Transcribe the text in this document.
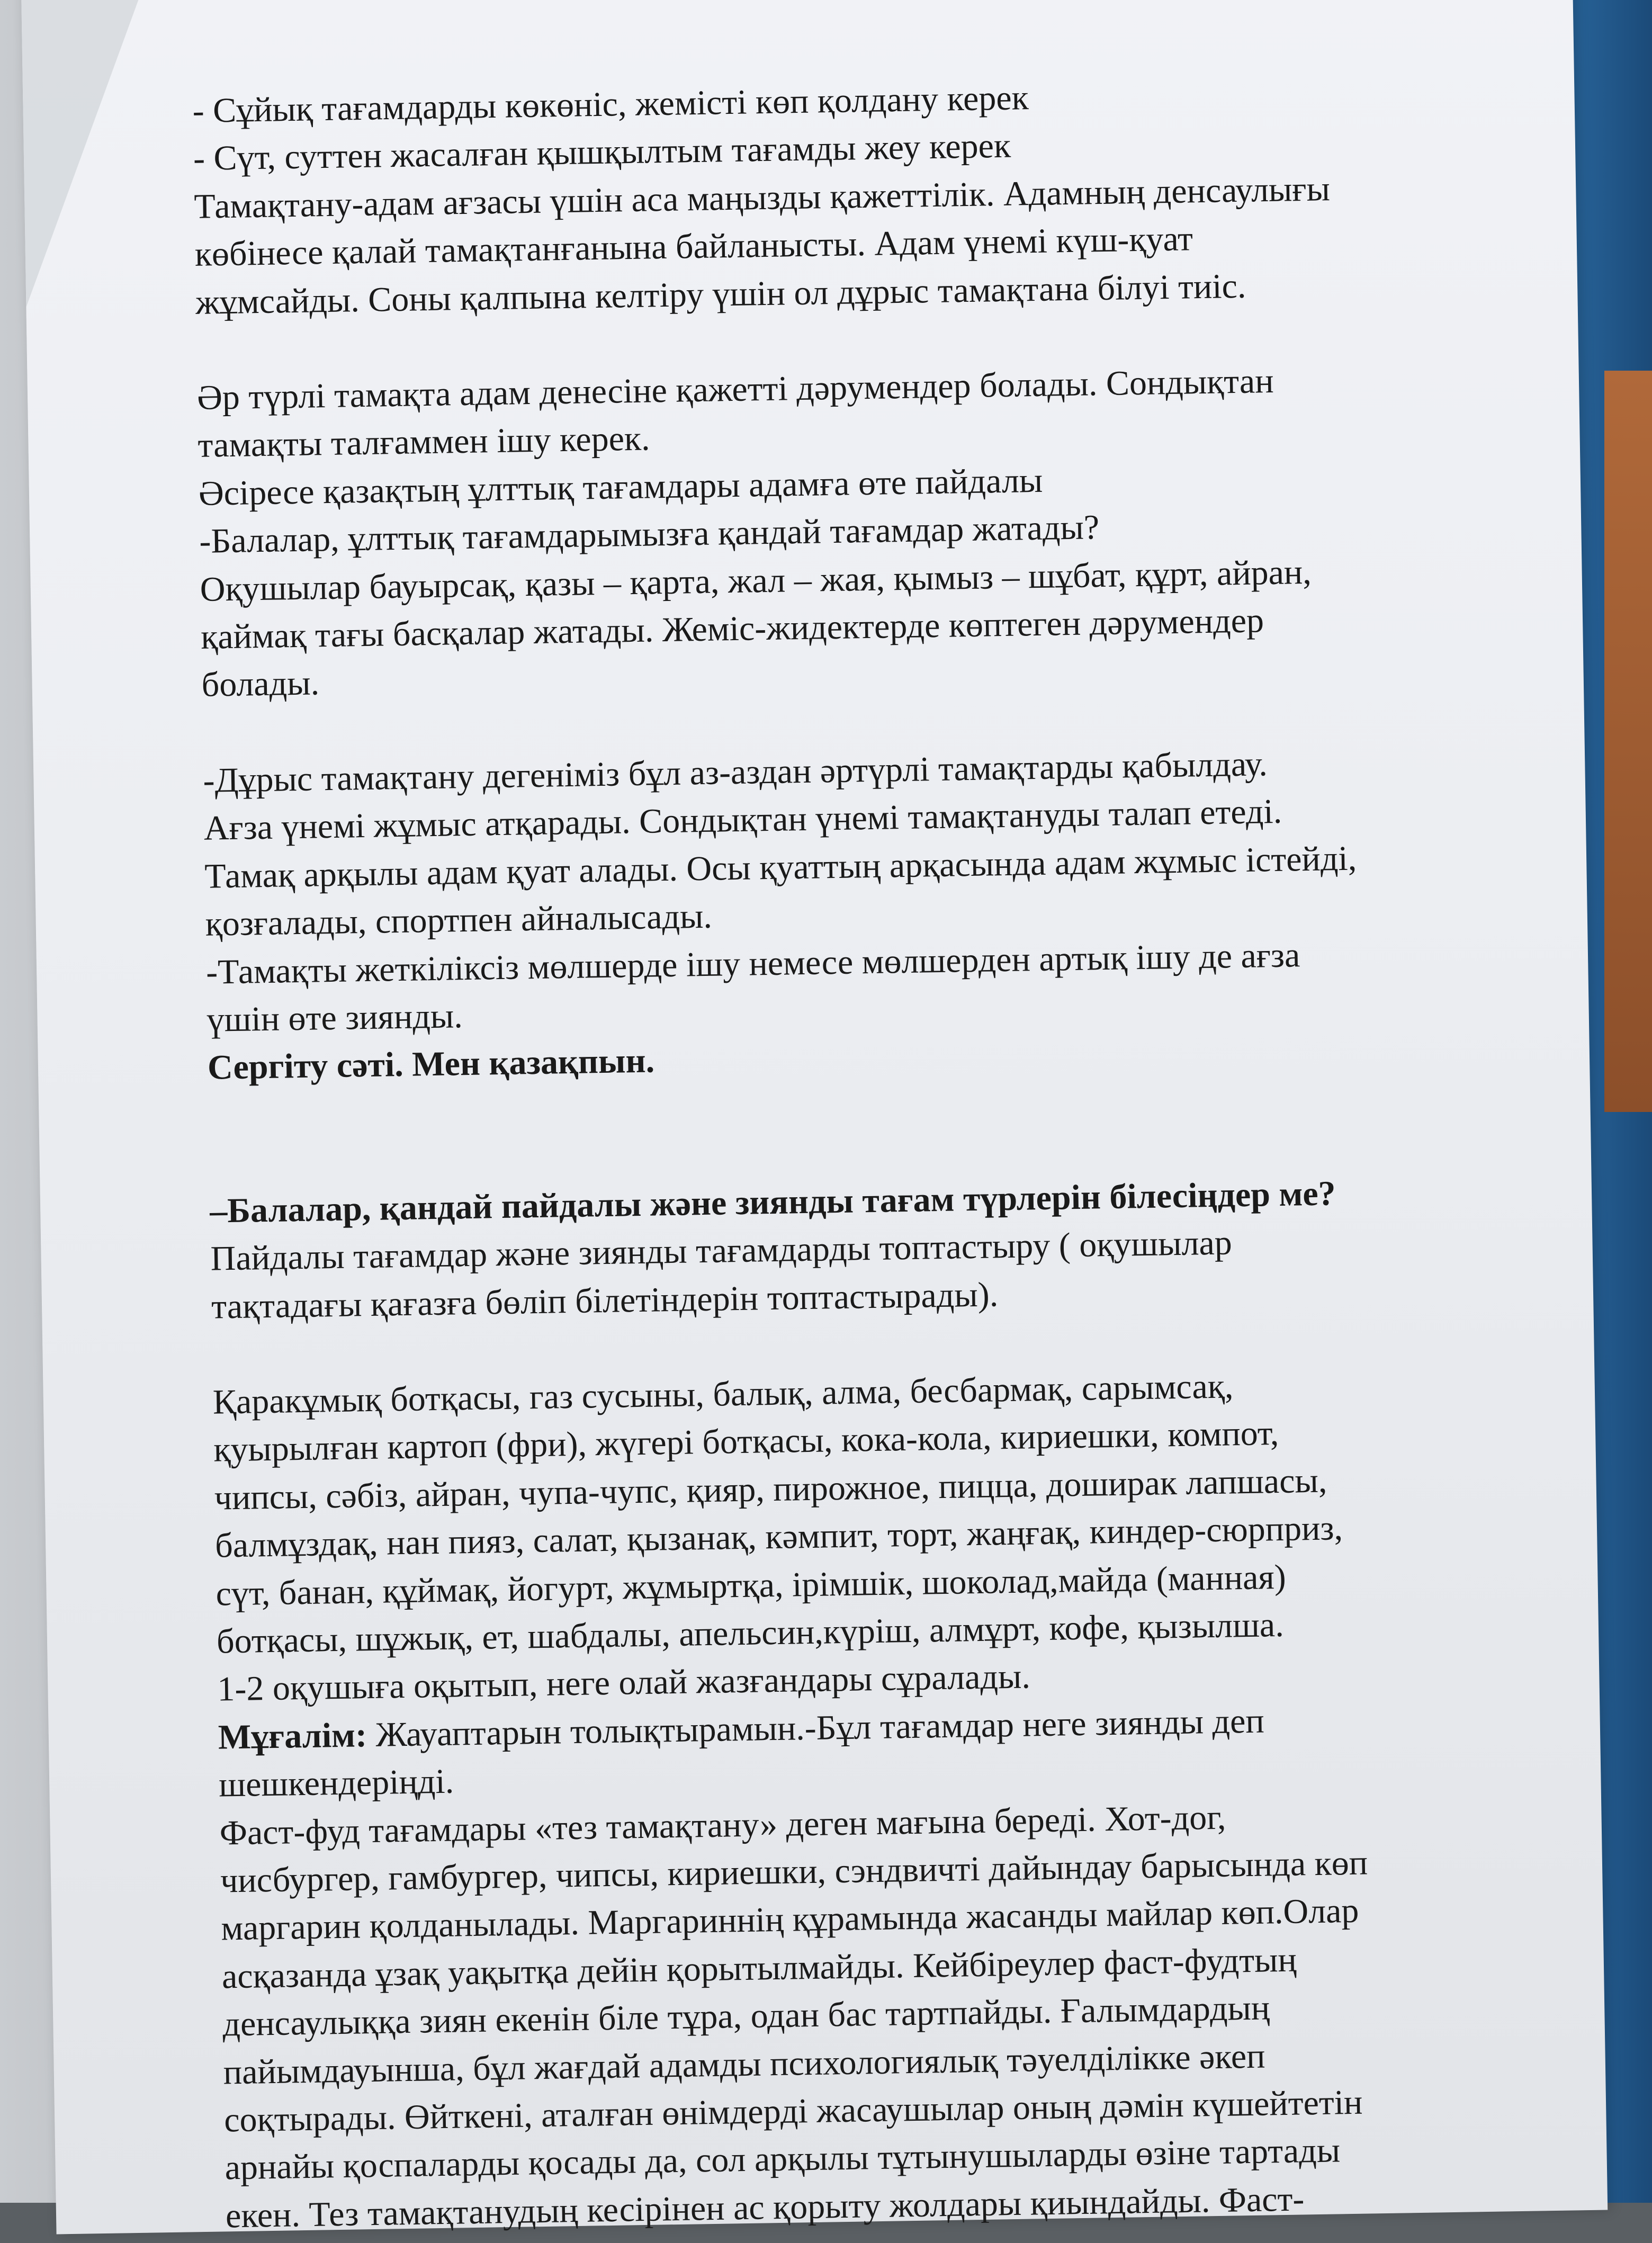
- Сұйық тағамдарды көкөніс, жемісті көп қолдану керек
- Сүт, суттен жасалған қышқылтым тағамды жеу керек
Тамақтану-адам ағзасы үшін аса маңызды қажеттілік. Адамның денсаулығы
көбінесе қалай тамақтанғанына байланысты. Адам үнемі күш-қуат
жұмсайды. Соны қалпына келтіру үшін ол дұрыс тамақтана білуі тиіс.
Әр түрлі тамақта адам денесіне қажетті дәрумендер болады. Сондықтан
тамақты талғаммен ішу керек.
Әсіресе қазақтың ұлттық тағамдары адамға өте пайдалы
-Балалар, ұлттық тағамдарымызға қандай тағамдар жатады?
Оқушылар бауырсақ, қазы – қарта, жал – жая, қымыз – шұбат, құрт, айран,
қаймақ тағы басқалар жатады. Жеміс-жидектерде көптеген дәрумендер
болады.
-Дұрыс тамақтану дегеніміз бұл аз-аздан әртүрлі тамақтарды қабылдау.
Ағза үнемі жұмыс атқарады. Сондықтан үнемі тамақтануды талап етеді.
Тамақ арқылы адам қуат алады. Осы қуаттың арқасында адам жұмыс істейді,
қозғалады, спортпен айналысады.
-Тамақты жеткіліксіз мөлшерде ішу немесе мөлшерден артық ішу де ағза
үшін өте зиянды.
Сергіту сәті. Мен қазақпын.
–Балалар, қандай пайдалы және зиянды тағам түрлерін білесіңдер ме?
Пайдалы тағамдар және зиянды тағамдарды топтастыру ( оқушылар
тақтадағы қағазға бөліп білетіндерін топтастырады).
Қаракұмық ботқасы, газ сусыны, балық, алма, бесбармақ, сарымсақ,
қуырылған картоп (фри), жүгері ботқасы, кока-кола, кириешки, компот,
чипсы, сәбіз, айран, чупа-чупс, қияр, пирожное, пицца, доширак лапшасы,
балмұздақ, нан пияз, салат, қызанақ, кәмпит, торт, жаңғақ, киндер-сюрприз,
сүт, банан, құймақ, йогурт, жұмыртқа, ірімшік, шоколад,майда (манная)
ботқасы, шұжық, ет, шабдалы, апельсин,күріш, алмұрт, кофе, қызылша.
1-2 оқушыға оқытып, неге олай жазғандары сұралады.
Мұғалім: Жауаптарын толықтырамын.-Бұл тағамдар неге зиянды деп
шешкендеріңді.
Фаст-фуд тағамдары «тез тамақтану» деген мағына береді. Хот-дог,
чисбургер, гамбургер, чипсы, кириешки, сэндвичті дайындау барысында көп
маргарин қолданылады. Маргариннің құрамында жасанды майлар көп.Олар
асқазанда ұзақ уақытқа дейін қорытылмайды. Кейбіреулер фаст-фудтың
денсаулыққа зиян екенін біле тұра, одан бас тартпайды. Ғалымдардың
пайымдауынша, бұл жағдай адамды психологиялық тәуелділікке әкеп
соқтырады. Өйткені, аталған өнімдерді жасаушылар оның дәмін күшейтетін
арнайы қоспаларды қосады да, сол арқылы тұтынушыларды өзіне тартады
екен. Тез тамақтанудың кесірінен ас қорыту жолдары қиындайды. Фаст-
